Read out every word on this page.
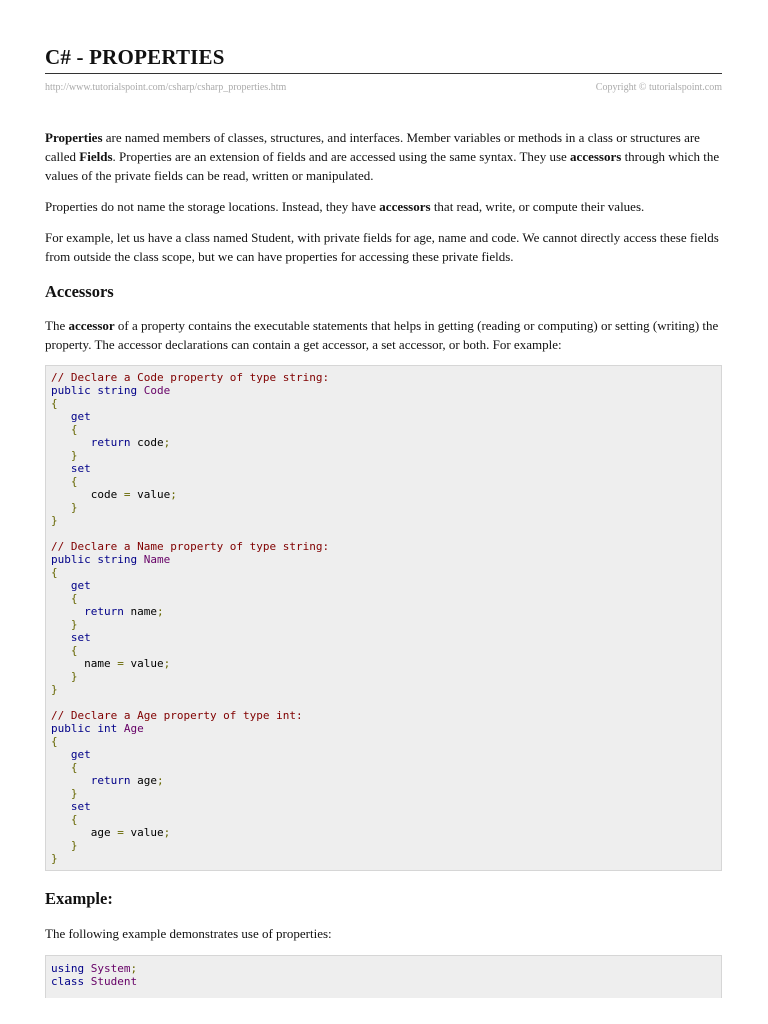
C# - PROPERTIES
http://www.tutorialspoint.com/csharp/csharp_properties.htm	Copyright © tutorialspoint.com

Properties are named members of classes, structures, and interfaces. Member variables or methods in a class or structures are called Fields. Properties are an extension of fields and are accessed using the same syntax. They use accessors through which the values of the private fields can be read, written or manipulated.

Properties do not name the storage locations. Instead, they have accessors that read, write, or compute their values.

For example, let us have a class named Student, with private fields for age, name and code. We cannot directly access these fields from outside the class scope, but we can have properties for accessing these private fields.

Accessors

The accessor of a property contains the executable statements that helps in getting (reading or computing) or setting (writing) the property. The accessor declarations can contain a get accessor, a set accessor, or both. For example:

// Declare a Code property of type string:
public string Code
{
get
{
return code;
}
set
{
code = value;
}
}
// Declare a Name property of type string:
public string Name
{
get
{
return name;
}
set
{
name = value;
}
}
// Declare a Age property of type int:
public int Age
{
get
{
return age;
}
set
{
age = value;
}
}
Example:

The following example demonstrates use of properties:

using System;
class Student
